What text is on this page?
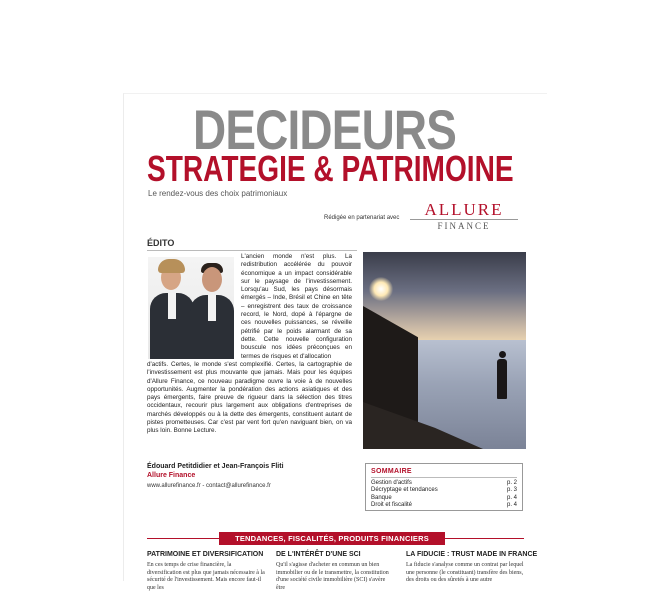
DECIDEURS
STRATEGIE & PATRIMOINE
Le rendez-vous des choix patrimoniaux
Rédigée en partenariat avec	ALLURE
FINANCE
ÉDITO
L'ancien monde n'est plus. La redistribution accélérée du pouvoir économique a un impact considérable sur le paysage de l'investissement. Lorsqu'au Sud, les pays désormais émergés – Inde, Brésil et Chine en tête – enregistrent des taux de croissance record, le Nord, dopé à l'épargne de ces nouvelles puissances, se réveille pétrifié par le poids alarmant de sa dette. Cette nouvelle configuration bouscule nos idées préconçues en termes de risques et d'allocation
d'actifs. Certes, le monde s'est complexifié. Certes, la cartographie de l'investissement est plus mouvante que jamais. Mais pour les équipes d'Allure Finance, ce nouveau paradigme ouvre la voie à de nouvelles opportunités. Augmenter la pondération des actions asiatiques et des pays émergents, faire preuve de rigueur dans la sélection des titres occidentaux, recourir plus largement aux obligations d'entreprises de marchés développés ou à la dette des émergents, constituent autant de pistes prometteuses. Car c'est par vent fort qu'en naviguant bien, on va plus loin. Bonne Lecture.
Édouard Petitdidier et Jean-François Fliti
Allure Finance
www.allurefinance.fr - contact@allurefinance.fr
SOMMAIRE
Gestion d'actifs	p. 2
Décryptage et tendances	p. 3
Banque	p. 4
Droit et fiscalité	p. 4
TENDANCES, FISCALITÉS, PRODUITS FINANCIERS
PATRIMOINE ET DIVERSIFICATION
En ces temps de crise financière, la diversification est plus que jamais nécessaire à la sécurité de l'investissement. Mais encore faut-il que les
DE L'INTÉRÊT D'UNE SCI
Qu'il s'agisse d'acheter en commun un bien immobilier ou de le transmettre, la constitution d'une société civile immobilière (SCI) s'avère être
LA FIDUCIE : TRUST MADE IN FRANCE
La fiducie s'analyse comme un contrat par lequel une personne (le constituant) transfère des biens, des droits ou des sûretés à une autre
